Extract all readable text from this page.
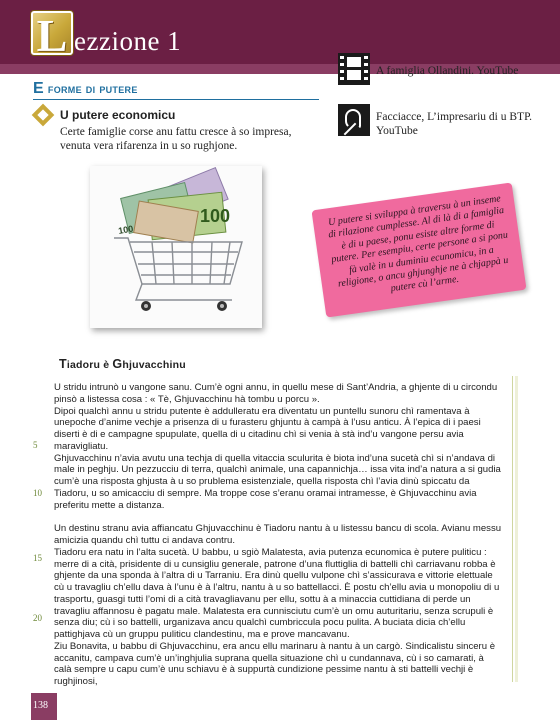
L ezzione 1
E forme di putere
A famiglia Ollandini. YouTube
Facciacce, L’impresariu di u BTP. YouTube
U putere economicu
Certe famiglie corse anu fattu cresce à so impresa, venuta vera rifarenza in u so rughjone.
100
100

U putere si sviluppa à traversu à un inseme di rilazione cumplesse. Al di là di a famiglia è di u paese, ponu esiste altre forme di putere. Per esempiu, certe persone a si ponu fà valè in u duminiu ecunomicu, in a religione, o ancu ghjunghje ne à chjappà u putere cù l’arme.

Tiadoru è Ghjuvacchinu

U stridu intrunò u vangone sanu. Cum’è ogni annu, in quellu mese di Sant’Andria, a ghjente di u circondu pinsò a listessa cosa : « Tè, Ghjuvacchinu hà tombu u porcu ».

Dipoi qualchì annu u stridu putente è addulleratu era diventatu un puntellu sunoru chì ramentava à unepoche d’anime vechje a prisenza di u furasteru ghjuntu à campà à l’usu anticu. À l’epica di i paesi diserti è di e campagne spupulate, quella di u citadinu chì si venia à stà ind’u vangone persu avia maravigliatu.

Ghjuvacchinu n’avia avutu una techja di quella vitaccia sculurita è biota ind’una sucetà chì si n’andava di male in peghju. Un pezzucciu di terra, qualchì animale, una capannichja… issa vita ind’a natura a si gudia cum’è una risposta ghjusta à u so prublema esistenziale, quella risposta chì l’avia dinù spiccatu da Tiadoru, u so amicacciu di sempre. Ma troppe cose s’eranu oramai intramesse, è Ghjuvacchinu avia preferitu mette a distanza.

Un destinu stranu avia affiancatu Ghjuvacchinu è Tiadoru nantu à u listessu bancu di scola. Avianu messu amicizia quandu chì tuttu ci andava contru.

Tiadoru era natu in l’alta sucetà. U babbu, u sgiò Malatesta, avia putenza ecunomica è putere puliticu : merre di a cità, prisidente di u cunsigliu generale, patrone d’una fluttiglia di battelli chì carriavanu robba è ghjente da una sponda à l’altra di u Tarraniu. Era dinù quellu vulpone chì s’assicurava e vittorie elettuale cù u travagliu ch’ellu dava à l’unu è à l’altru, nantu à u so battellacci. È postu ch’ellu avia u monopoliu di u trasportu, guasgi tutti l’omi di a cità travagliavanu per ellu, sottu à a minaccia cuttidiana di perde un travagliu affannosu è pagatu male. Malatesta era cunnisciutu cum’è un omu auturitariu, senza scrupuli è senza diu; cù i so battelli, urganizava ancu qualchì cumbriccula pocu pulita. A buciata dicia ch’ellu pattighjava cù un gruppu puliticu clandestinu, ma e prove mancavanu.

Ziu Bonavita, u babbu di Ghjuvacchinu, era ancu ellu marinaru à nantu à un cargò. Sindicalistu sinceru è accanitu, campava cum’è un’inghjulia suprana quella situazione chì u cundannava, cù i so camarati, à calà sempre u capu cum’è unu schiavu è à suppurtà cundizione pessime nantu à sti battelli vechji è rughjinosi,

5
10
15
20
138
